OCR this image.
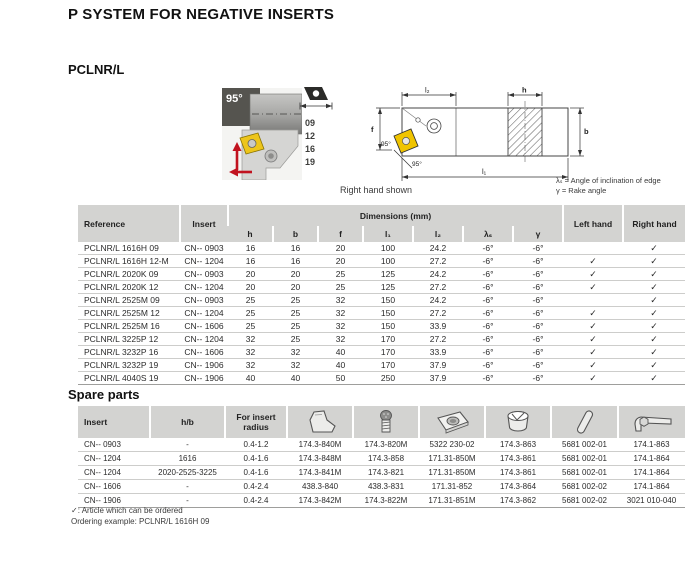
P SYSTEM FOR NEGATIVE INSERTS
PCLNR/L
95°
09
12
16
19
l₂	h
f	b
l₁
95°
95°
Right hand shown
λₛ = Angle of inclination of edge
γ = Rake angle
Reference	Insert	Dimensions (mm)							Left hand	Right hand
		h	b	f	l₁	l₂	λₛ	γ		
PCLNR/L 1616H 09	CN-- 0903	16	16	20	100	24.2	-6°	-6°		✓
PCLNR/L 1616H 12-M	CN-- 1204	16	16	20	100	27.2	-6°	-6°	✓	✓
PCLNR/L 2020K 09	CN-- 0903	20	20	25	125	24.2	-6°	-6°	✓	✓
PCLNR/L 2020K 12	CN-- 1204	20	20	25	125	27.2	-6°	-6°	✓	✓
PCLNR/L 2525M 09	CN-- 0903	25	25	32	150	24.2	-6°	-6°		✓
PCLNR/L 2525M 12	CN-- 1204	25	25	32	150	27.2	-6°	-6°	✓	✓
PCLNR/L 2525M 16	CN-- 1606	25	25	32	150	33.9	-6°	-6°	✓	✓
PCLNR/L 3225P 12	CN-- 1204	32	25	32	170	27.2	-6°	-6°	✓	✓
PCLNR/L 3232P 16	CN-- 1606	32	32	40	170	33.9	-6°	-6°	✓	✓
PCLNR/L 3232P 19	CN-- 1906	32	32	40	170	37.9	-6°	-6°	✓	✓
PCLNR/L 4040S 19	CN-- 1906	40	40	50	250	37.9	-6°	-6°	✓	✓
Spare parts
Insert	h/b	For insert radius	

CN-- 0903	-	0.4-1.2	174.3-840M	174.3-820M	5322 230-02	174.3-863	5681 002-01	174.1-863
CN-- 1204	1616	0.4-1.6	174.3-848M	174.3-858	171.31-850M	174.3-861	5681 002-01	174.1-864
CN-- 1204	2020-2525-3225	0.4-1.6	174.3-841M	174.3-821	171.31-850M	174.3-861	5681 002-01	174.1-864
CN-- 1606	-	0.4-2.4	438.3-840	438.3-831	171.31-852	174.3-864	5681 002-02	174.1-864
CN-- 1906	-	0.4-2.4	174.3-842M	174.3-822M	171.31-851M	174.3-862	5681 002-02	3021 010-040
✓: Article which can be ordered
Ordering example: PCLNR/L 1616H 09
